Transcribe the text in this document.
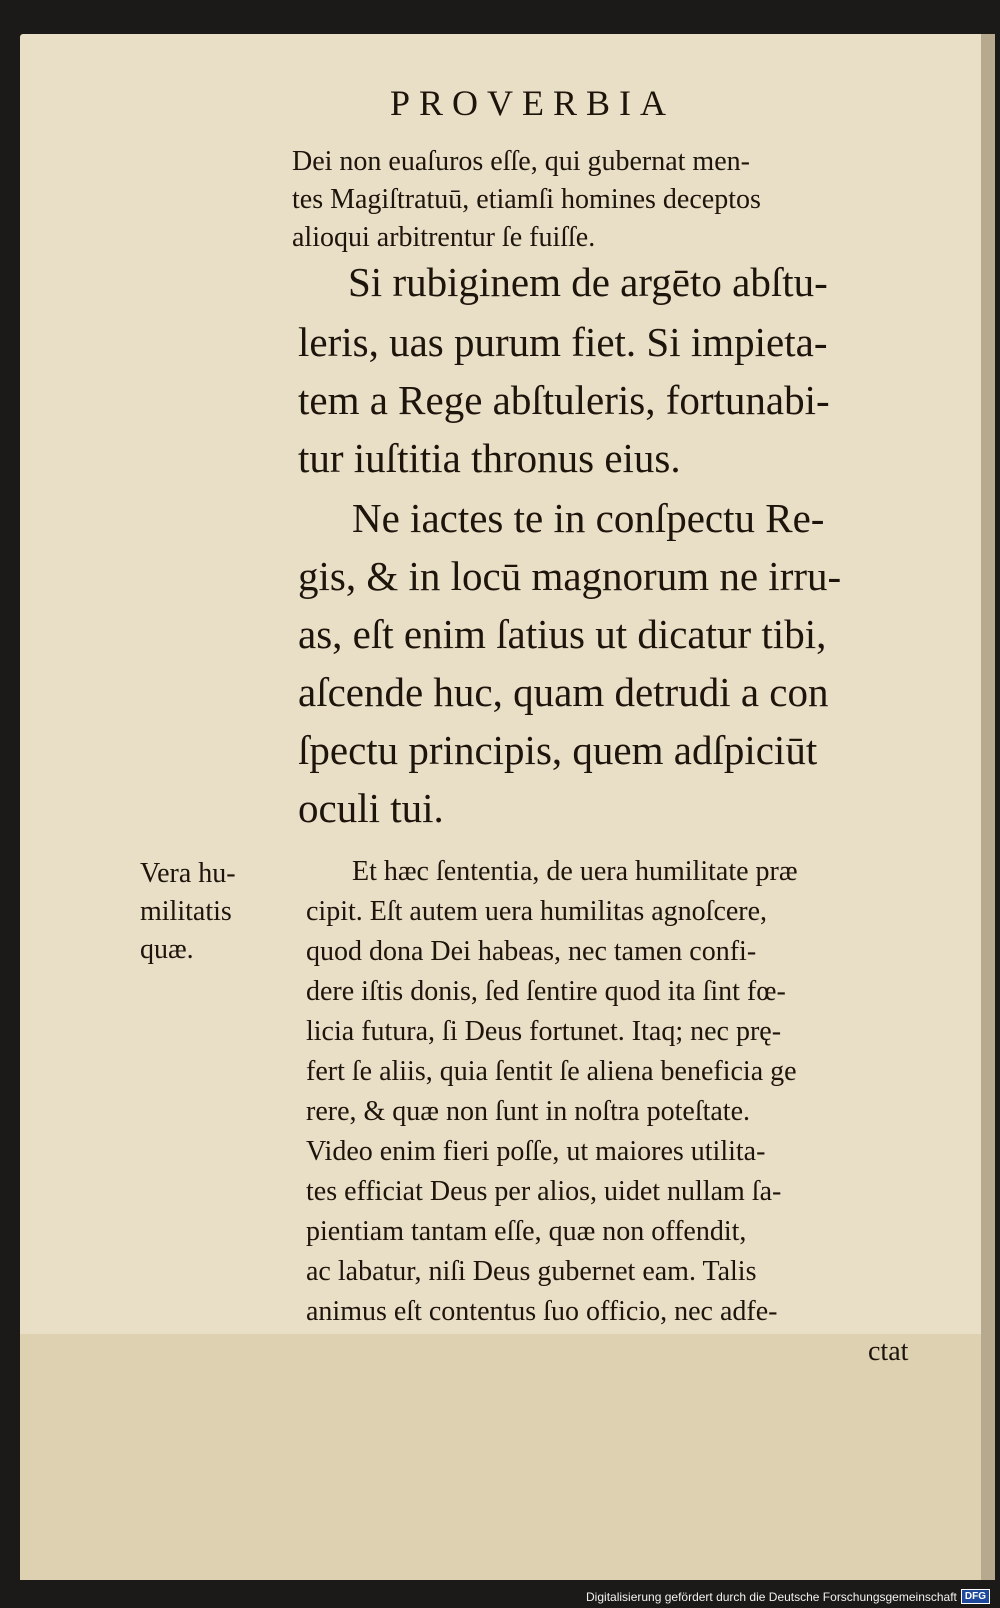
PROVERBIA
Dei non euaſuros eſſe, qui gubernat men‑
tes Magiſtratuū, etiamſi homines deceptos
alioqui arbitrentur ſe fuiſſe.
Si rubiginem de argēto abſtu‑
leris, uas purum fiet. Si impieta‑
tem a Rege abſtuleris, fortunabi‑
tur iuſtitia thronus eius.
Ne iactes te in conſpectu Re‑
gis, & in locū magnorum ne irru‑
as, eſt enim ſatius ut dicatur tibi,
aſcende huc, quam detrudi a con
ſpectu principis, quem adſpiciūt
oculi tui.
Et hæc ſententia, de uera humilitate præ
cipit. Eſt autem uera humilitas agnoſcere,
quod dona Dei habeas, nec tamen confi‑
dere iſtis donis, ſed ſentire quod ita ſint fœ‑
licia futura, ſi Deus fortunet. Itaq; nec prę‑
fert ſe aliis, quia ſentit ſe aliena beneficia ge
rere, & quæ non ſunt in noſtra poteſtate.
Video enim fieri poſſe, ut maiores utilita‑
tes efficiat Deus per alios, uidet nullam ſa‑
pientiam tantam eſſe, quæ non offendit,
ac labatur, niſi Deus gubernet eam. Talis
animus eſt contentus ſuo officio, nec adfe‑
ctat
Vera hu‑
militatis
quæ.
Digitalisierung gefördert durch die Deutsche Forschungsgemeinschaft DFG
